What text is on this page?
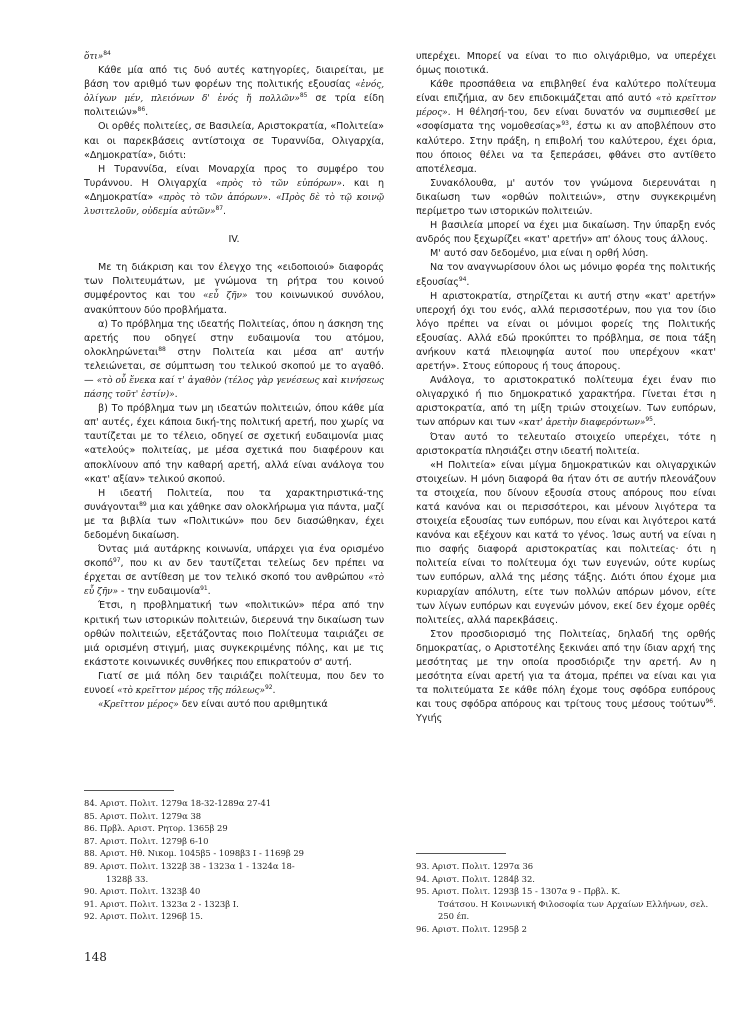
ὅτι»$^{84}$

Κάθε μία από τις δυό αυτές κατηγορίες, διαιρείται, με βάση τον αριθμό των φορέων της πολιτικής εξουσίας «ἑνός, ὀλίγων μέν, πλειόνων δ' ἑνός ἤ πολλῶν»$^{85}$ σε τρία είδη πολιτειών»$^{86}$.

Οι ορθές πολιτείες, σε Βασιλεία, Αριστοκρατία, «Πολιτεία» και οι παρεκβάσεις αντίστοιχα σε Τυραννίδα, Ολιγαρχία, «Δημοκρατία», διότι:

Η Τυραννίδα, είναι Μοναρχία προς το συμφέρο του Τυράννου. Η Ολιγαρχία «πρὸς τὸ τῶν εὐπόρων». και η «Δημοκρατία» «πρὸς τὸ τῶν ἀπόρων». «Πρὸς δὲ τὸ τῷ κοινῷ λυσιτελοῦν, οὐδεμία αὐτῶν»$^{87}$.

IV.

Με τη διάκριση και τον έλεγχο της «ειδοποιού» διαφοράς των Πολιτευμάτων, με γνώμονα τη ρήτρα του κοινού συμφέροντος και του «εὖ ζῆν» του κοινωνικού συνόλου, ανακύπτουν δύο προβλήματα.

α) Το πρόβλημα της ιδεατής Πολιτείας, όπου η άσκηση της αρετής που οδηγεί στην ευδαιμονία του ατόμου, ολοκληρώνεται$^{88}$ στην Πολιτεία και μέσα απ' αυτήν τελειώνεται, σε σύμπτωση του τελικού σκοπού με το αγαθό. — «τὸ οὗ ἕνεκα καί τ' ἀγαθὸν (τέλος γὰρ γενέσεως καὶ κινήσεως πάσης τοῦτ' ἐστίν)».

β) Το πρόβλημα των μη ιδεατών πολιτειών, όπου κάθε μία απ' αυτές, έχει κάποια δική-της πολιτική αρετή, που χωρίς να ταυτίζεται με το τέλειο, οδηγεί σε σχετική ευδαιμονία μιας «ατελούς» πολιτείας, με μέσα σχετικά που διαφέρουν και αποκλίνουν από την καθαρή αρετή, αλλά είναι ανάλογα του «κατ' αξίαν» τελικού σκοπού.

Η ιδεατή Πολιτεία, που τα χαρακτηριστικά-της συνάγονται$^{89}$ μια και χάθηκε σαν ολοκλήρωμα για πάντα, μαζί με τα βιβλία των «Πολιτικών» που δεν διασώθηκαν, έχει δεδομένη δικαίωση.

Όντας μιά αυτάρκης κοινωνία, υπάρχει για ένα ορισμένο σκοπό$^{97}$, που κι αν δεν ταυτίζεται τελείως δεν πρέπει να έρχεται σε αντίθεση με τον τελικό σκοπό του ανθρώπου «τὸ εὖ ζῆν» - την ευδαιμονία$^{91}$.

Έτσι, η προβληματική των «πολιτικών» πέρα από την κριτική των ιστορικών πολιτειών, διερευνά την δικαίωση των ορθών πολιτειών, εξετάζοντας ποιο Πολίτευμα ταιριάζει σε μιά ορισμένη στιγμή, μιας συγκεκριμένης πόλης, και με τις εκάστοτε κοινωνικές συνθήκες που επικρατούν σ' αυτή.

Γιατί σε μιά πόλη δεν ταιριάζει πολίτευμα, που δεν το ευνοεί «τὸ κρεῖττον μέρος τῆς πόλεως»$^{92}$.

«Κρεῖττον μέρος» δεν είναι αυτό που αριθμητικά

υπερέχει. Μπορεί να είναι το πιο ολιγάριθμο, να υπερέχει όμως ποιοτικά.

Κάθε προσπάθεια να επιβληθεί ένα καλύτερο πολίτευμα είναι επιζήμια, αν δεν επιδοκιμάζεται από αυτό «τὸ κρεῖττον μέρος». Η θέλησή-του, δεν είναι δυνατόν να συμπιεσθεί με «σοφίσματα της νομοθεσίας»$^{93}$, έστω κι αν αποβλέπουν στο καλύτερο. Στην πράξη, η επιβολή του καλύτερου, έχει όρια, που όποιος θέλει να τα ξεπεράσει, φθάνει στο αντίθετο αποτέλεσμα.

Συνακόλουθα, μ' αυτόν τον γνώμονα διερευνάται η δικαίωση των «ορθών πολιτειών», στην συγκεκριμένη περίμετρο των ιστορικών πολιτειών.

Η βασιλεία μπορεί να έχει μια δικαίωση. Την ύπαρξη ενός ανδρός που ξεχωρίζει «κατ' αρετήν» απ' όλους τους άλλους.

Μ' αυτό σαν δεδομένο, μια είναι η ορθή λύση.

Να τον αναγνωρίσουν όλοι ως μόνιμο φορέα της πολιτικής εξουσίας$^{94}$.

Η αριστοκρατία, στηρίζεται κι αυτή στην «κατ' αρετήν» υπεροχή όχι του ενός, αλλά περισσοτέρων, που για τον ίδιο λόγο πρέπει να είναι οι μόνιμοι φορείς της Πολιτικής εξουσίας. Αλλά εδώ προκύπτει το πρόβλημα, σε ποια τάξη ανήκουν κατά πλειοψηφία αυτοί που υπερέχουν «κατ' αρετήν». Στους εύπορους ή τους άπορους.

Ανάλογα, το αριστοκρατικό πολίτευμα έχει έναν πιο ολιγαρχικό ή πιο δημοκρατικό χαρακτήρα. Γίνεται έτσι η αριστοκρατία, από τη μίξη τριών στοιχείων. Των ευπόρων, των απόρων και των «κατ' ἀρετὴν διαφερόντων»$^{95}$.

Όταν αυτό το τελευταίο στοιχείο υπερέχει, τότε η αριστοκρατία πλησιάζει στην ιδεατή πολιτεία.

«Η Πολιτεία» είναι μίγμα δημοκρατικών και ολιγαρχικών στοιχείων. Η μόνη διαφορά θα ήταν ότι σε αυτήν πλεονάζουν τα στοιχεία, που δίνουν εξουσία στους απόρους που είναι κατά κανόνα και οι περισσότεροι, και μένουν λιγότερα τα στοιχεία εξουσίας των ευπόρων, που είναι και λιγότεροι κατά κανόνα και εξέχουν και κατά το γένος. Ίσως αυτή να είναι η πιο σαφής διαφορά αριστοκρατίας και πολιτείας· ότι η πολιτεία είναι το πολίτευμα όχι των ευγενών, ούτε κυρίως των ευπόρων, αλλά της μέσης τάξης. Διότι όπου έχομε μια κυριαρχίαν απόλυτη, είτε των πολλών απόρων μόνον, είτε των λίγων ευπόρων και ευγενών μόνον, εκεί δεν έχομε ορθές πολιτείες, αλλά παρεκβάσεις.

Στον προσδιορισμό της Πολιτείας, δηλαδή της ορθής δημοκρατίας, ο Αριστοτέλης ξεκινάει από την ίδιαν αρχή της μεσότητας με την οποία προσδιόριζε την αρετή. Αν η μεσότητα είναι αρετή για τα άτομα, πρέπει να είναι και για τα πολιτεύματα Σε κάθε πόλη έχομε τους σφόδρα ευπόρους και τους σφόδρα απόρους και τρίτους τους μέσους τούτων$^{96}$. Υγιής

84. Αριστ. Πολιτ. 1279α 18-32-1289α 27-41
85. Αριστ. Πολιτ. 1279α 38
86. Πρβλ. Αριστ. Ρητορ. 1365β 29
87. Αριστ. Πολιτ. 1279β 6-10
88. Αριστ. Ηθ. Νικομ. 1045β5 - 1098β3 Ι - 1169β 29
89. Αριστ. Πολιτ. 1322β 38 - 1323α 1 - 1324α 18-
1328β 33.
90. Αριστ. Πολιτ. 1323β 40
91. Αριστ. Πολιτ. 1323α 2 - 1323β Ι.
92. Αριστ. Πολιτ. 1296β 15.
93. Αριστ. Πολιτ. 1297α 36
94. Αριστ. Πολιτ. 1284β 32.
95. Αριστ. Πολιτ. 1293β 15 - 1307α 9 - Πρβλ. Κ.
Τσάτσου. Η Κοινωνική Φιλοσοφία των Αρχαίων Ελλήνων, σελ. 250 έπ.
96. Αριστ. Πολιτ. 1295β 2
148
